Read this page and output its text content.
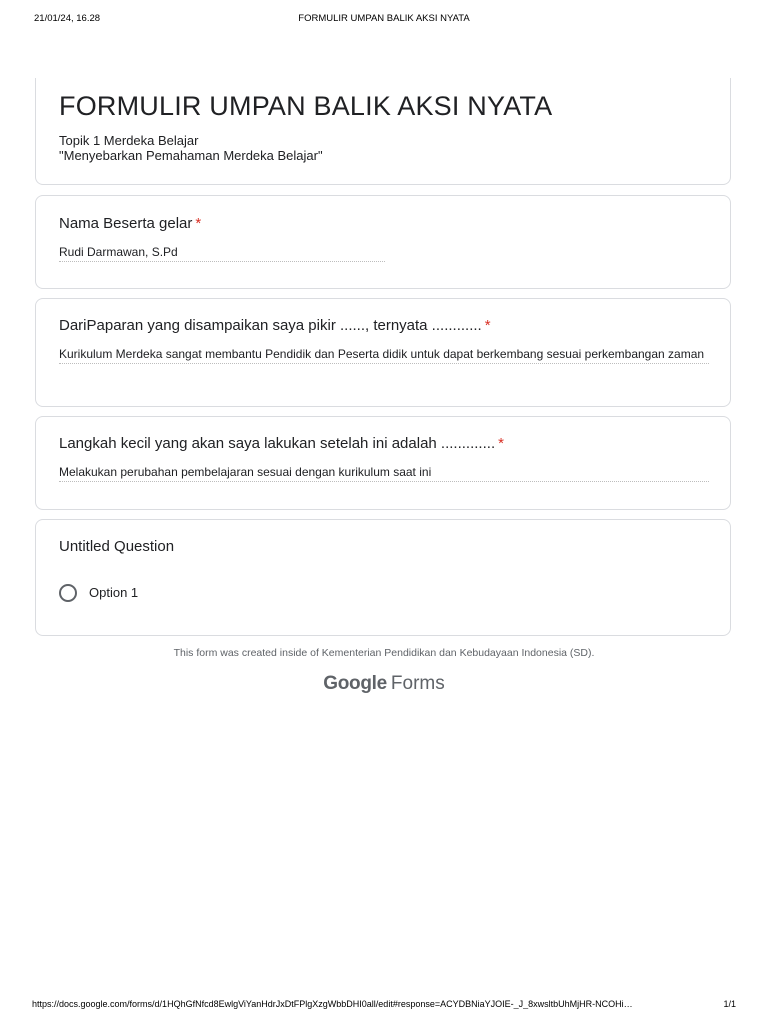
21/01/24, 16.28	FORMULIR UMPAN BALIK AKSI NYATA
FORMULIR UMPAN BALIK AKSI NYATA
Topik 1 Merdeka Belajar
"Menyebarkan Pemahaman Merdeka Belajar"
Nama Beserta gelar *
Rudi Darmawan, S.Pd
DariPaparan yang disampaikan saya pikir ......, ternyata ............ *
Kurikulum Merdeka sangat membantu Pendidik dan Peserta didik untuk dapat berkembang sesuai perkembangan zaman
Langkah kecil yang akan saya lakukan setelah ini adalah ............. *
Melakukan perubahan pembelajaran sesuai dengan kurikulum saat ini
Untitled Question
Option 1
This form was created inside of Kementerian Pendidikan dan Kebudayaan Indonesia (SD).
Google Forms
https://docs.google.com/forms/d/1HQhGfNfcd8EwlgViYanHdrJxDtFPlgXzgWbbDHI0all/edit#response=ACYDBNiaYJOIE-_J_8xwsltbUhMjHR-NCOHi…	1/1
